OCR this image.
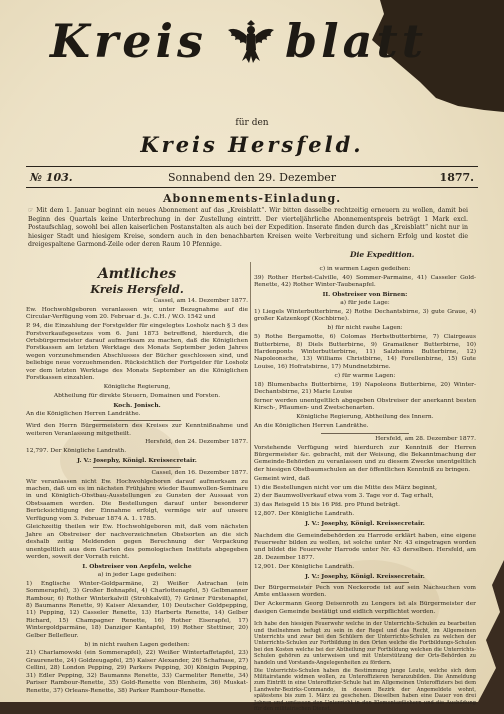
Kreis blatt
für den
Kreis Hersfeld.
№ 103.	Sonnabend den 29. Dezember	1877.
Abonnements-Einladung.
☞ Mit dem 1. Januar beginnt ein neues Abonnement auf das „Kreisblatt“. Wir bitten dasselbe rechtzeitig erneuern zu wollen, damit bei Beginn des Quartals keine Unterbrechung in der Zustellung eintritt. Der vierteljährliche Abonnementspreis beträgt 1 Mark excl. Postaufschlag, sowohl bei allen kaiserlichen Postanstalten als auch bei der Expedition. Inserate finden durch das „Kreisblatt“ nicht nur in hiesiger Stadt und hiesigem Kreise, sondern auch in den benachbarten Kreisen weite Verbreitung und sichern Erfolg und kostet die dreigespaltene Garmond-Zeile oder deren Raum 10 Pfennige.
Die Expedition.
Amtliches
Kreis Hersfeld.

Cassel, am 14. Dezember 1877.

Ew. Hochwohlgeboren veranlassen wir, unter Bezugnahme auf die Circular-Verfügung vom 20. Februar d. Js. C.H. / W.O. 1542 und

P. 94, die Einzahlung der Forstgelder für eingelegtes Losholz nach § 3 des Forstverkaufsgesetzes vom 6. Juni 1873 betreffend, hierdurch, die Ortsbürgermeister darauf aufmerksam zu machen, daß die Königlichen Forstkassen am letzten Werktage des Monats September jeden Jahres wegen vorzunehmenden Abschlusses der Bücher geschlossen sind, und beliebige neue vorzuehmenden. Rücksichtlich der Fortgelder für Losholz vor dem letzten Werktage des Monats September an die Königlichen Forstkassen einzahlen.

Königliche Regierung,

Abtheilung für direkte Steuern, Domainen und Forsten.

Koch. Jonisch.

An die Königlichen Herren Landräthe.

Wird den Herrn Bürgermeistern des Kreises zur Kenntnißnahme und weiteren Veranlassung mitgetheilt.

Hersfeld, den 24. Dezember 1877.

12,797. Der Königliche Landrath.

J. V.: Josephy, Königl. Kreissecretair.

Cassel, den 16. Dezember 1877.

Wir veranlassen nicht Ew. Hochwohlgeboren darauf aufmerksam zu machen, daß um es im nächsten Frühjahre wieder Baumwollen-Seminare in und Königlich-Obstbau-Ausstellungen zu Gunsten der Aussaat von Obstsaamen werden. Die Bestellungen darauf unter besonderer Berücksichtigung der Einnahme erfolgt, vermöge wir auf unsere Verfügung vom 3. Februar 1874 A. 1. 1785.

Gleichzeitig theilen wir Ew. Hochwohlgeboren mit, daß vom nächsten Jahre an Obstreiser der nachverzeichneten Obstsorten an die sich deshalb zeitig Meldenden gegen Berechnung der Verpackung unentgeltlich aus dem Garten des pomologischen Instituts abgegeben werden, soweit der Vorrath reicht.

I. Obstreiser von Aepfeln, welche

a) in jeder Lage gedeihen:

1) Englische Winter-Goldparmäne, 2) Weißer Astrachan (ein Sommerapfel), 3) Großer Bohnapfel, 4) Charlottenapfel, 5) Gelbmanner Rambour, 6) Rother Winterkalvill (Strohkalvill), 7) Grüner Fürstenapfel, 8) Baumanns Renette, 9) Kaiser Alexander, 10) Deutscher Goldpepping, 11) Pepping, 12) Casseler Renette, 13) Harberts Renette, 14) Gelber Richard, 15) Champagner Renette, 16) Rother Eiserapfel, 17) Wintergoldparmäne, 18) Danziger Kantapfel, 19) Rother Stettiner, 20) Gelber Bellefleur.

b) in nicht rauhen Lagen gedeihen:

21) Charlamowski (ein Sommerapfel), 22) Weißer Wintertaffetapfel, 23) Graurenette, 24) Goldzeugapfel, 25) Kaiser Alexander, 26) Schafnase, 27) Cellini, 28) London Pepping, 29) Parkers Pepping, 30) Königin Pepping, 31) Edler Pepping, 32) Baumanns Renette, 33) Carmeliter Renette, 34) Pariser Rambour-Renette, 35) Gold-Renette von Blenheim, 36) Muskat-Renette, 37) Orleans-Renette, 38) Parker Rambour-Renette.

c) in warmen Lagen gedeihen:

39) Rother Herbst-Calville, 40) Sommer-Parmaine, 41) Casseler Gold-Renette, 42) Rother Winter-Taubenapfel.

II. Obstreiser von Birnen:

a) für jede Lage:

1) Liegels Winterbutterbirne, 2) Rothe Dechantsbirne, 3) gute Graue, 4) großer Katzenkopf (Kochbirne).

b) für nicht rauhe Lagen:

5) Rothe Bergamotte, 6) Colomas Herbstbutterbirne, 7) Clairgeaus Butterbirne, 8) Diels Butterbirne, 9) Gramaikner Butterbirne, 10) Hardenponts Winterbutterbirne, 11) Salzheims Butterbirne, 12) Napoleonsche, 13) Williams Christbirne, 14) Forellenbirne, 15) Gute Louise, 16) Hofratsbirne, 17) Mundnetzbirne.

c) für warme Lagen:

18) Blumenbachs Butterbirne, 19) Napoleons Butterbirne, 20) Winter-Dechantsbirne, 21) Marie Louise

ferner werden unentgeltlich abgegeben Obstreiser der anerkannt besten Kirsch-, Pflaumen- und Zwetschenarten.

Königliche Regierung, Abtheilung des Innern.

An die Königlichen Herren Landräthe.

Hersfeld, am 28. Dezember 1877.

Vorstehende Verfügung wird hierdurch zur Kenntniß der Herren Bürgermeister &c. gebracht, mit der Weisung, die Bekanntmachung der Gemeinde-Behörden zu veranlassen und zu diesem Zwecke unentgeltlich der hiesigen Obstbaumschulen an der öffentlichen Kenntniß zu bringen.

Gemeint wird, daß

1) die Bestellungen nicht vor um die Mitte des März beginnt,

2) der Baumwollverkauf etwa vom 3. Tage vor d. Tag erhalt,

3) das Reisgeld 15 bis 16 Pfd. pro Pfund beträgt.

12,807. Der Königliche Landrath.

J. V.: Josephy, Königl. Kreissecretair.

Nachdem die Gemeindebehörden zu Harrode erklärt haben, eine eigene Feuerwehr bilden zu wollen, ist solche unter Nr. 43 eingetragen worden und bildet die Feuerwehr Harrode unter Nr. 43 derselben. Hersfeld, am 28. Dezember 1877.

12,901. Der Königliche Landrath.

J. V.: Josephy, Königl. Kreissecretair.

Der Bürgermeister Pech von Neckerode ist auf sein Nachsuchen vom Amte entlassen worden.

Der Ackermann Georg Deisenroth zu Lengers ist als Bürgermeister der dasigen Gemeinde bestätigt und eidlich verpflichtet worden.

Ich habe den hiesigen Feuerwehr welche in der Unterrichts-Schulen zu bearbeiten und theilnehmen befugt zu sein in der Regel und das Recht, im Allgemeinen Unterrichts und zwar bei den Schülern der Unterrichts-Schulen zu welchen der Unterrichts-Schulen zur Fortbildung in den Orten welche die Fortbildungs-Schulen bei den Kosten welche bei der Abtheilung zur Fortbildung welchen die Unterrichts-Schulen gehören zu unterweisen und mit Unterstützung der Orts-Behörden zu handeln und Vorstands-Angelegenheiten zu fördern.

Die Unterrichts-Schulen haben die Bestimmung junge Leute, welche sich dem Militairstande widmen wollen, zu Unteroffizieren heranzubilden. Die Anmeldung zum Eintritt in eine Unteroffizier-Schule hat im Allgemeinen Unteroffiziers bei dem Landwehr-Bezirks-Commando, in dessen Bezirk der Angemeldete wohnt, spätestens bis zum 1. März zu geschehen. Dieselben haben eine Dauer von drei Jahren und umfassen den Unterricht in den Elementarfächern und die Ausbildung für den militairischen Dienst.
